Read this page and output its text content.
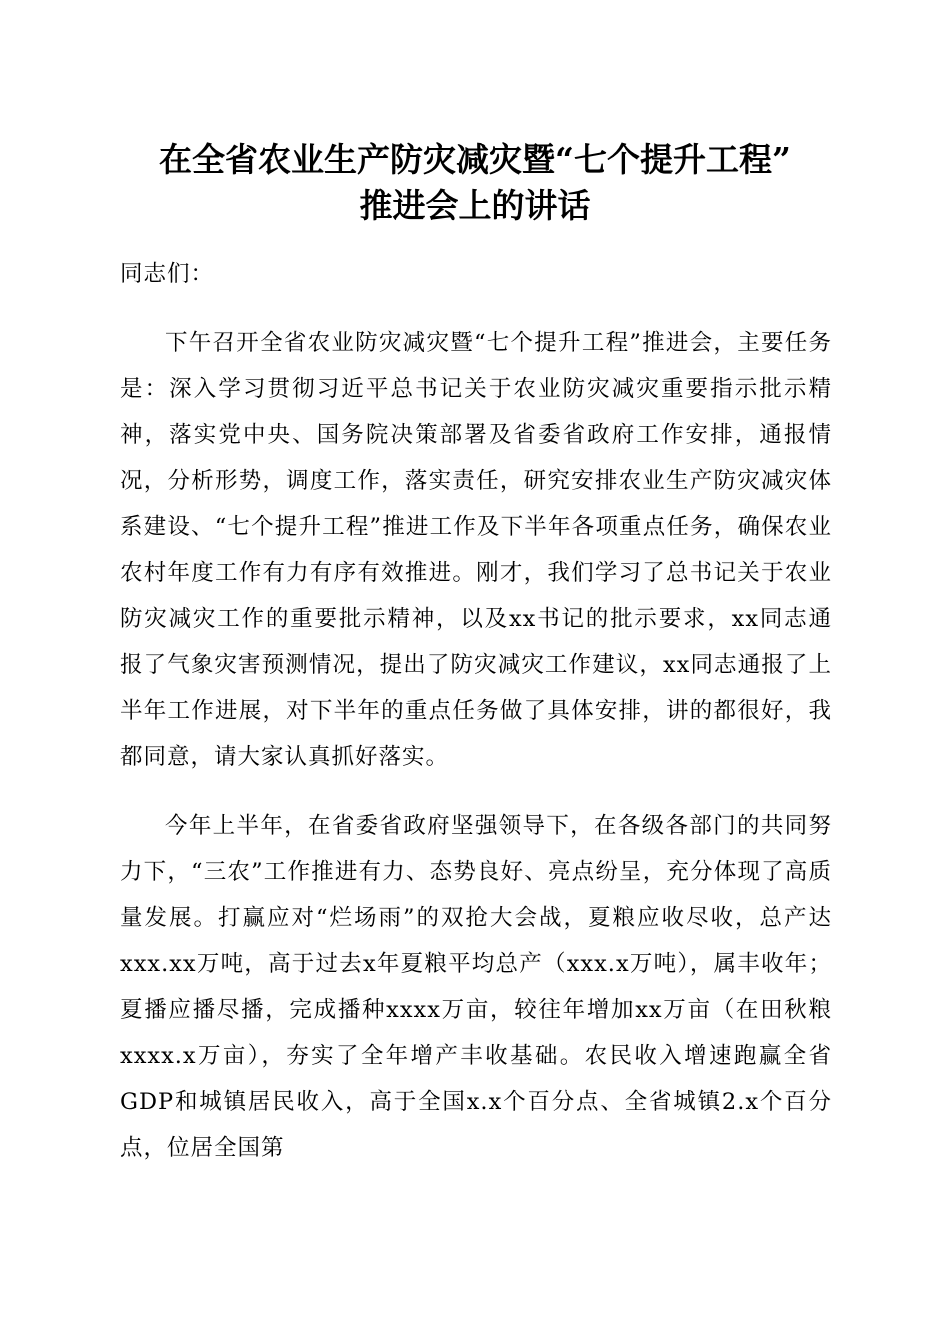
在全省农业生产防灾减灾暨“七个提升工程”
推进会上的讲话

同志们：

下午召开全省农业防灾减灾暨“七个提升工程”推进会，主要任务是：深入学习贯彻习近平总书记关于农业防灾减灾重要指示批示精神，落实党中央、国务院决策部署及省委省政府工作安排，通报情况，分析形势，调度工作，落实责任，研究安排农业生产防灾减灾体系建设、“七个提升工程”推进工作及下半年各项重点任务，确保农业农村年度工作有力有序有效推进。刚才，我们学习了总书记关于农业防灾减灾工作的重要批示精神，以及xx书记的批示要求，xx同志通报了气象灾害预测情况，提出了防灾减灾工作建议，xx同志通报了上半年工作进展，对下半年的重点任务做了具体安排，讲的都很好，我都同意，请大家认真抓好落实。

今年上半年，在省委省政府坚强领导下，在各级各部门的共同努力下，“三农”工作推进有力、态势良好、亮点纷呈，充分体现了高质量发展。打赢应对“烂场雨”的双抢大会战，夏粮应收尽收，总产达xxx.xx万吨，高于过去x年夏粮平均总产（xxx.x万吨），属丰收年；夏播应播尽播，完成播种xxxx万亩，较往年增加xx万亩（在田秋粮xxxx.x万亩），夯实了全年增产丰收基础。农民收入增速跑赢全省GDP和城镇居民收入，高于全国x.x个百分点、全省城镇2.x个百分点，位居全国第
